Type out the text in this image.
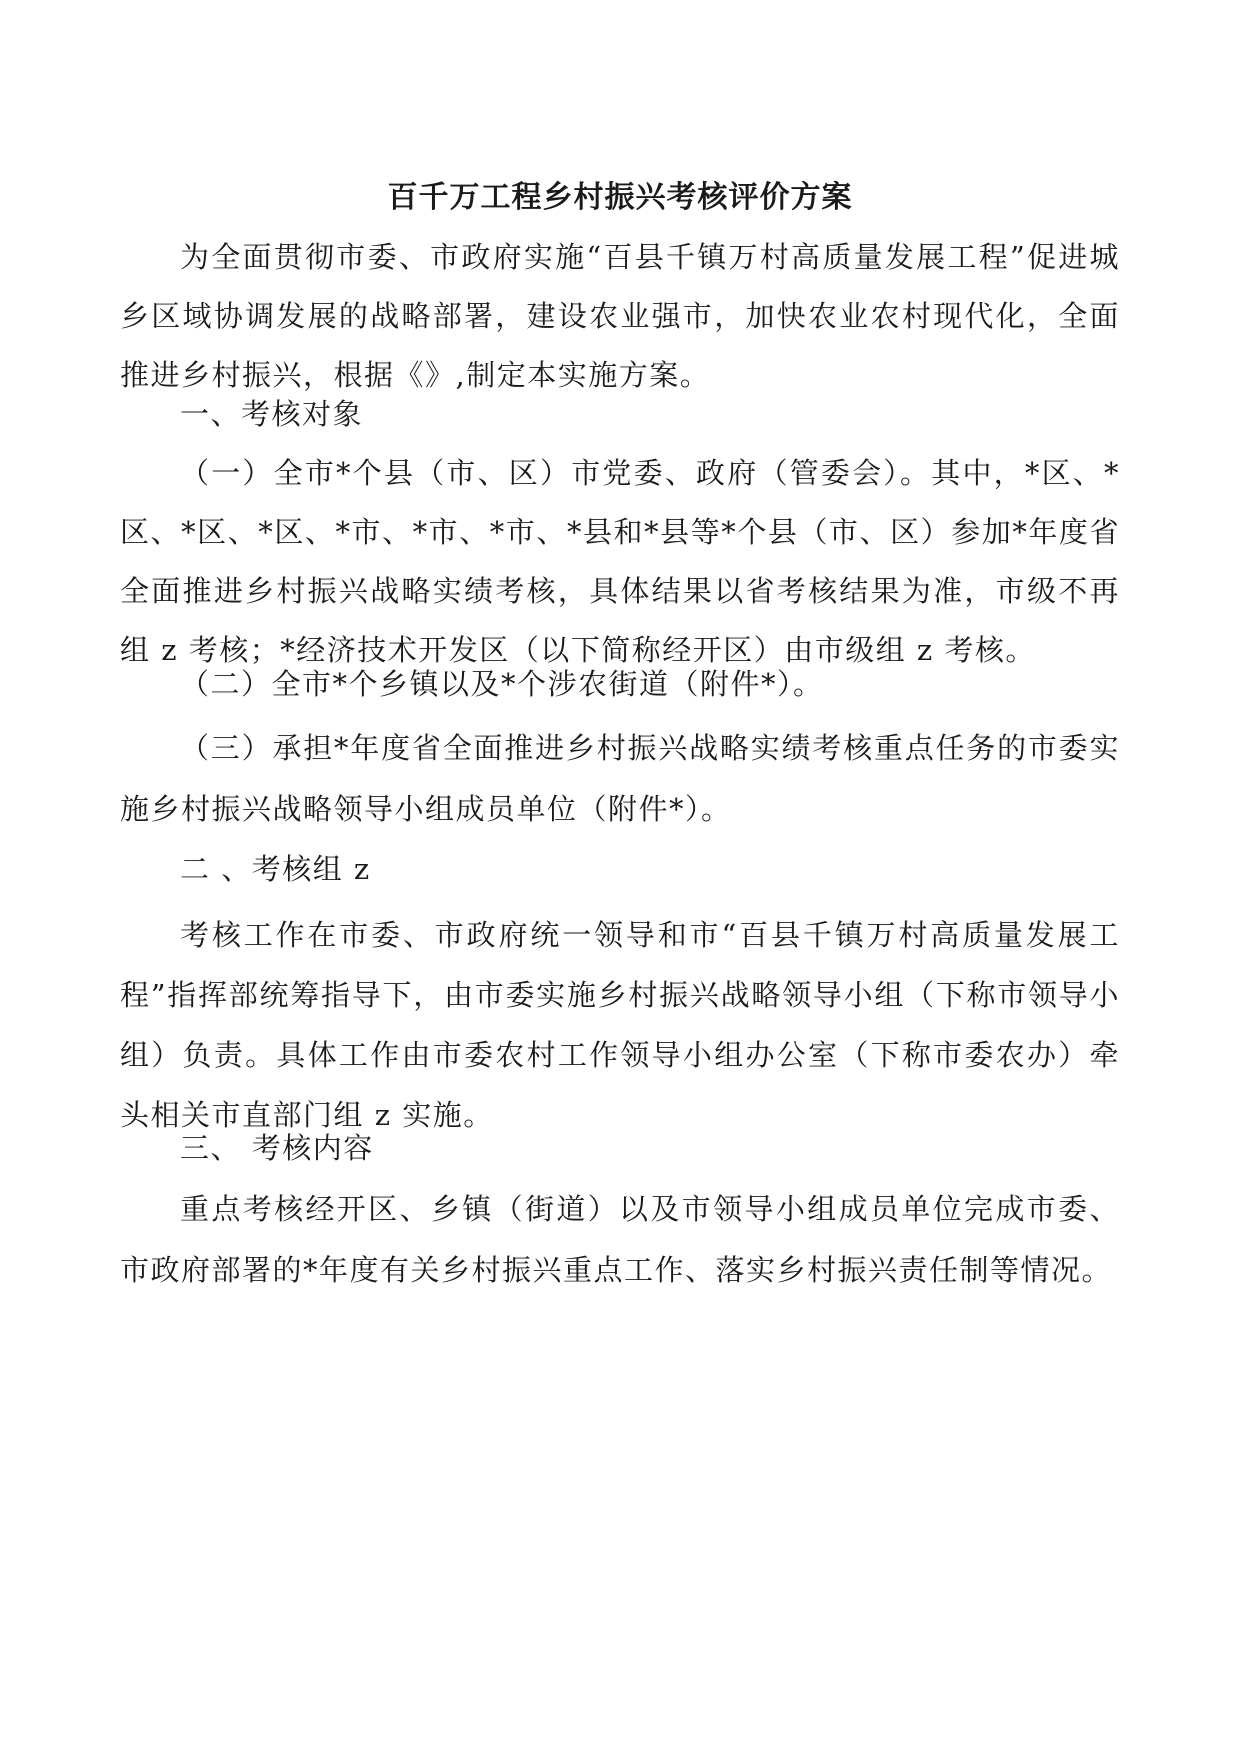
百千万工程乡村振兴考核评价方案

为全面贯彻市委、市政府实施“百县千镇万村高质量发展工程”促进城乡区域协调发展的战略部署，建设农业强市，加快农业农村现代化，全面推进乡村振兴，根据《》,制定本实施方案。

一、考核对象

（一）全市*个县（市、区）市党委、政府（管委会）。其中，*区、*区、*区、*区、*市、*市、*市、*县和*县等*个县（市、区）参加*年度省全面推进乡村振兴战略实绩考核，具体结果以省考核结果为准，市级不再组 z 考核；*经济技术开发区（以下简称经开区）由市级组 z 考核。

（二）全市*个乡镇以及*个涉农街道（附件*）。

（三）承担*年度省全面推进乡村振兴战略实绩考核重点任务的市委实施乡村振兴战略领导小组成员单位（附件*）。

二 、考核组 z

考核工作在市委、市政府统一领导和市“百县千镇万村高质量发展工程”指挥部统筹指导下，由市委实施乡村振兴战略领导小组（下称市领导小组）负责。具体工作由市委农村工作领导小组办公室（下称市委农办）牵头相关市直部门组 z 实施。

三、 考核内容

重点考核经开区、乡镇（街道）以及市领导小组成员单位完成市委、市政府部署的*年度有关乡村振兴重点工作、落实乡村振兴责任制等情况。
